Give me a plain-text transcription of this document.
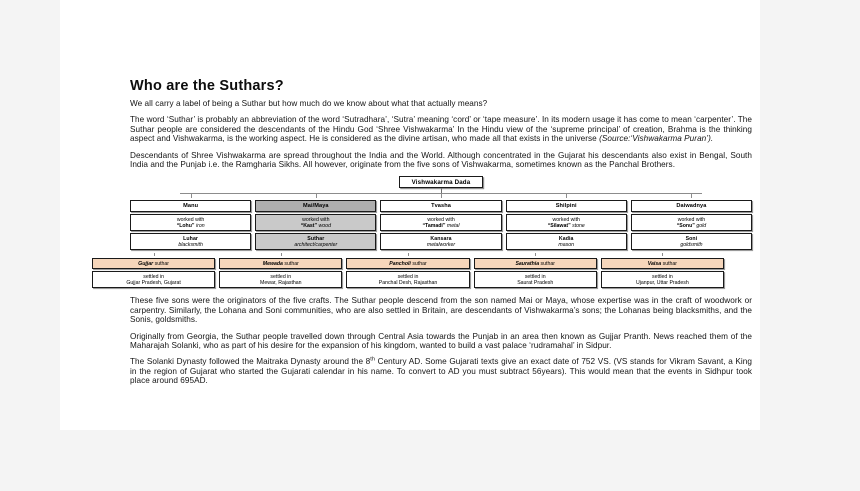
Who are the Suthars?

We all carry a label of being a Suthar but how much do we know about what that actually means?

The word ‘Suthar’ is probably an abbreviation of the word ‘Sutradhara’, ‘Sutra’ meaning ‘cord’ or ‘tape measure’. In its modern usage it has come to mean ‘carpenter’. The Suthar people are considered the descendants of the Hindu God ‘Shree Vishwakarma’ In the Hindu view of the ‘supreme principal’ of creation, Brahma is the thinking aspect and Vishwakarma, is the working aspect. He is considered as the divine artisan, who made all that exists in the universe (Source:‘Vishwakarma Puran’).

Descendants of Shree Vishwakarma are spread throughout the India and the World. Although concentrated in the Gujarat his descendants also exist in Bengal, South India and the Punjab i.e. the Ramgharia Sikhs. All however, originate from the five sons of Vishwakarma, sometimes known as the Panchal Brothers.

Vishwakarma Dada
Manu
worked with
“Lohu” iron
Luhar
blacksmith
Mai/Maya
worked with
“Kast” wood
Suthar
architect/carpenter
Tvasha
worked with
“Tamadi” metal
Kansara
metalworker
Shilpini
worked with
“Silawat” stone
Kadia
mason
Daiwadnya
worked with
“Sonu” gold
Soni
goldsmith
Gujjar suthar
settled in
Gujjar Pradesh, Gujarat
Mewada suthar
settled in
Mewar, Rajasthan
Pancholi suthar
settled in
Panchal Desh, Rajasthan
Saurathia suthar
settled in
Saurat Pradesh
Vaisa suthar
settled in
Ujanpur, Uttar Pradesh

These five sons were the originators of the five crafts. The Suthar people descend from the son named Mai or Maya, whose expertise was in the craft of woodwork or carpentry. Similarly, the Lohana and Soni communities, who are also settled in Britain, are descendants of Vishwakarma’s sons; the Lohanas being blacksmiths, and the Sonis, goldsmiths.

Originally from Georgia, the Suthar people travelled down through Central Asia towards the Punjab in an area then known as Gujjar Pranth. News reached them of the Maharajah Solanki, who as part of his desire for the expansion of his kingdom, wanted to build a vast palace ‘rudramahal’ in Sidpur.

The Solanki Dynasty followed the Maitraka Dynasty around the 8th Century AD. Some Gujarati texts give an exact date of 752 VS. (VS stands for Vikram Savant, a King in the region of Gujarat who started the Gujarati calendar in his name. To convert to AD you must subtract 56years). This would mean that the events in Sidhpur took place around 695AD.
